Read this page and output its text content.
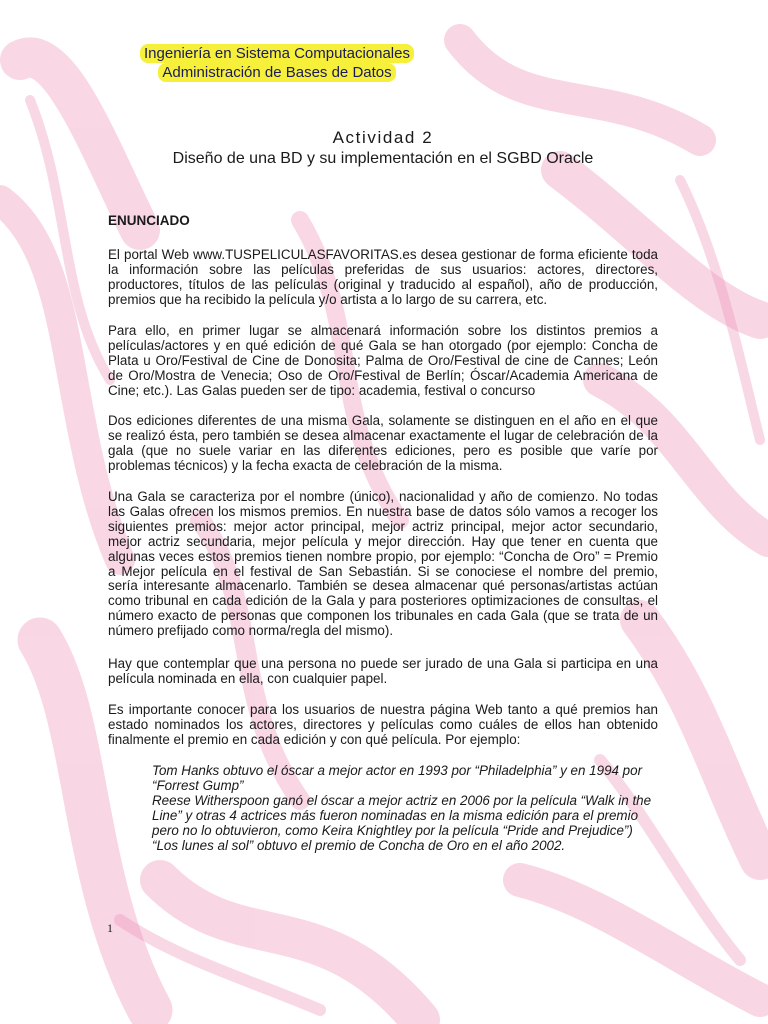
Ingeniería en Sistema Computacionales
Administración de Bases de Datos
Actividad 2
Diseño de una BD y su implementación en el SGBD Oracle
ENUNCIADO

El portal Web www.TUSPELICULASFAVORITAS.es desea gestionar de forma eficiente toda la información sobre las películas preferidas de sus usuarios: actores, directores, productores, títulos de las películas (original y traducido al español), año de producción, premios que ha recibido la película y/o artista a lo largo de su carrera, etc.

Para ello, en primer lugar se almacenará información sobre los distintos premios a películas/actores y en qué edición de qué Gala se han otorgado (por ejemplo: Concha de Plata u Oro/Festival de Cine de Donosita; Palma de Oro/Festival de cine de Cannes; León de Oro/Mostra de Venecia; Oso de Oro/Festival de Berlín; Óscar/Academia Americana de Cine; etc.). Las Galas pueden ser de tipo: academia, festival o concurso

Dos ediciones diferentes de una misma Gala, solamente se distinguen en el año en el que se realizó ésta, pero también se desea almacenar exactamente el lugar de celebración de la gala (que no suele variar en las diferentes ediciones, pero es posible que varíe por problemas técnicos) y la fecha exacta de celebración de la misma.

Una Gala se caracteriza por el nombre (único), nacionalidad y año de comienzo. No todas las Galas ofrecen los mismos premios. En nuestra base de datos sólo vamos a recoger los siguientes premios: mejor actor principal, mejor actriz principal, mejor actor secundario, mejor actriz secundaria, mejor película y mejor dirección. Hay que tener en cuenta que algunas veces estos premios tienen nombre propio, por ejemplo: “Concha de Oro” = Premio a Mejor película en el festival de San Sebastián. Si se conociese el nombre del premio, sería interesante almacenarlo. También se desea almacenar qué personas/artistas actúan como tribunal en cada edición de la Gala y para posteriores optimizaciones de consultas, el número exacto de personas que componen los tribunales en cada Gala (que se trata de un número prefijado como norma/regla del mismo).

Hay que contemplar que una persona no puede ser jurado de una Gala si participa en una película nominada en ella, con cualquier papel.

Es importante conocer para los usuarios de nuestra página Web tanto a qué premios han estado nominados los actores, directores y películas como cuáles de ellos han obtenido finalmente el premio en cada edición y con qué película. Por ejemplo:

Tom Hanks obtuvo el óscar a mejor actor en 1993 por “Philadelphia” y en 1994 por “Forrest Gump”
Reese Witherspoon ganó el óscar a mejor actriz en 2006 por la película “Walk in the Line” y otras 4 actrices más fueron nominadas en la misma edición para el premio pero no lo obtuvieron, como Keira Knightley por la película “Pride and Prejudice”)
“Los lunes al sol” obtuvo el premio de Concha de Oro en el año 2002.
1
